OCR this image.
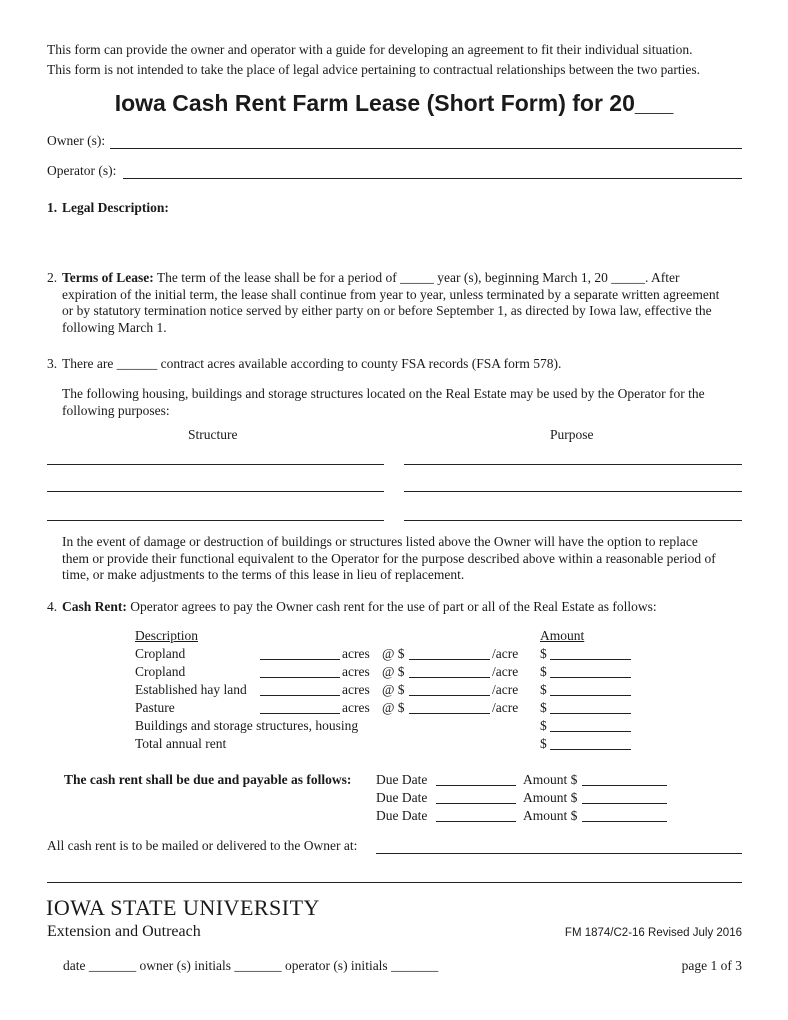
This form can provide the owner and operator with a guide for developing an agreement to fit their individual situation.
This form is not intended to take the place of legal advice pertaining to contractual relationships between the two parties.
Iowa Cash Rent Farm Lease (Short Form) for 20___
Owner (s):
Operator (s):
1. Legal Description:
2. Terms of Lease: The term of the lease shall be for a period of _____ year (s), beginning March 1, 20 _____. After expiration of the initial term, the lease shall continue from year to year, unless terminated by a separate written agreement or by statutory termination notice served by either party on or before September 1, as directed by Iowa law, effective the following March 1.
3. There are ______ contract acres available according to county FSA records (FSA form 578).
The following housing, buildings and storage structures located on the Real Estate may be used by the Operator for the following purposes:
Structure	Purpose
In the event of damage or destruction of buildings or structures listed above the Owner will have the option to replace them or provide their functional equivalent to the Operator for the purpose described above within a reasonable period of time, or make adjustments to the terms of this lease in lieu of replacement.
4. Cash Rent: Operator agrees to pay the Owner cash rent for the use of part or all of the Real Estate as follows:
Description	Amount
Cropland	acres @ $	/acre $
Cropland	acres @ $	/acre $
Established hay land	acres @ $	/acre $
Pasture	acres @ $	/acre $
Buildings and storage structures, housing	$
Total annual rent	$
The cash rent shall be due and payable as follows: Due Date	Amount $
Due Date	Amount $
Due Date	Amount $
All cash rent is to be mailed or delivered to the Owner at:
IOWA STATE UNIVERSITY
Extension and Outreach	FM 1874/C2-16 Revised July 2016
date _______ owner (s) initials _______ operator (s) initials _______	page 1 of 3
